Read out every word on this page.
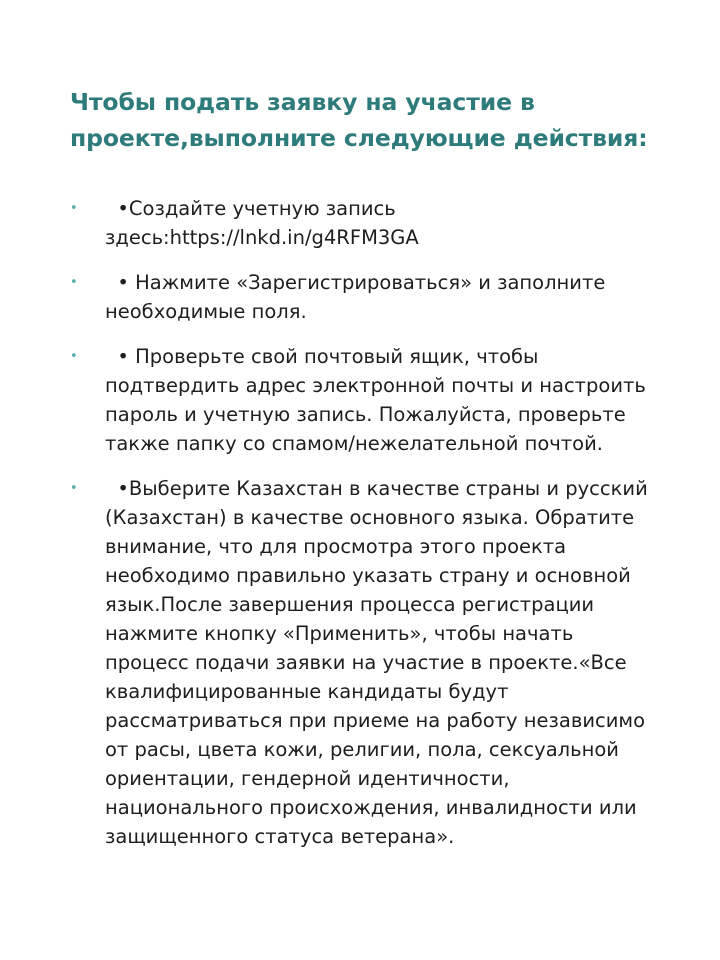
Чтобы подать заявку на участие в проекте,выполните следующие действия:
• •Создайте учетную запись здесь:https://lnkd.in/g4RFM3GA
• • Нажмите «Зарегистрироваться» и заполните необходимые поля.
• • Проверьте свой почтовый ящик, чтобы подтвердить адрес электронной почты и настроить пароль и учетную запись. Пожалуйста, проверьте также папку со спамом/нежелательной почтой.
• •Выберите Казахстан в качестве страны и русский (Казахстан) в качестве основного языка. Обратите внимание, что для просмотра этого проекта необходимо правильно указать страну и основной язык.После завершения процесса регистрации нажмите кнопку «Применить», чтобы начать процесс подачи заявки на участие в проекте.«Все квалифицированные кандидаты будут рассматриваться при приеме на работу независимо от расы, цвета кожи, религии, пола, сексуальной ориентации, гендерной идентичности, национального происхождения, инвалидности или защищенного статуса ветерана».
